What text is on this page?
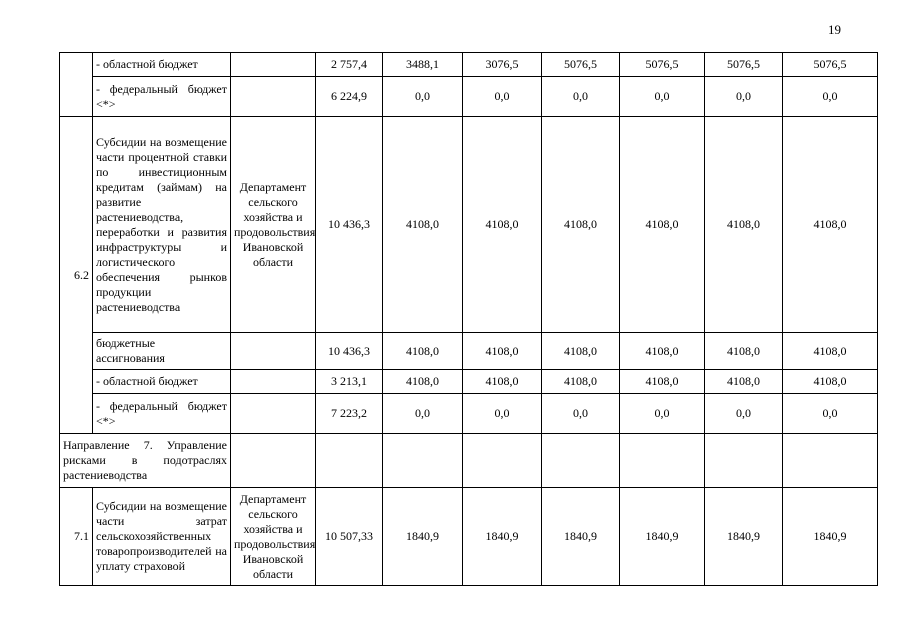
19
	- областной бюджет		2 757,4	3488,1	3076,5	5076,5	5076,5	5076,5	5076,5
	- федеральный бюджет <*>		6 224,9	0,0	0,0	0,0	0,0	0,0	0,0
6.2	Субсидии на возмещение части процентной ставки по инвестиционным кредитам (займам) на развитие растениеводства, переработки и развития инфраструктуры и логистического обеспечения рынков продукции растениеводства	Департамент сельского хозяйства и продовольствия Ивановской области	10 436,3	4108,0	4108,0	4108,0	4108,0	4108,0	4108,0
	бюджетные ассигнования		10 436,3	4108,0	4108,0	4108,0	4108,0	4108,0	4108,0
	- областной бюджет		3 213,1	4108,0	4108,0	4108,0	4108,0	4108,0	4108,0
	- федеральный бюджет <*>		7 223,2	0,0	0,0	0,0	0,0	0,0	0,0
Направление 7. Управление рисками в подотраслях растениеводства									
7.1	Субсидии на возмещение части затрат сельскохозяйственных товаропроизводителей на уплату страховой	Департамент сельского хозяйства и продовольствия Ивановской области	10 507,33	1840,9	1840,9	1840,9	1840,9	1840,9	1840,9
